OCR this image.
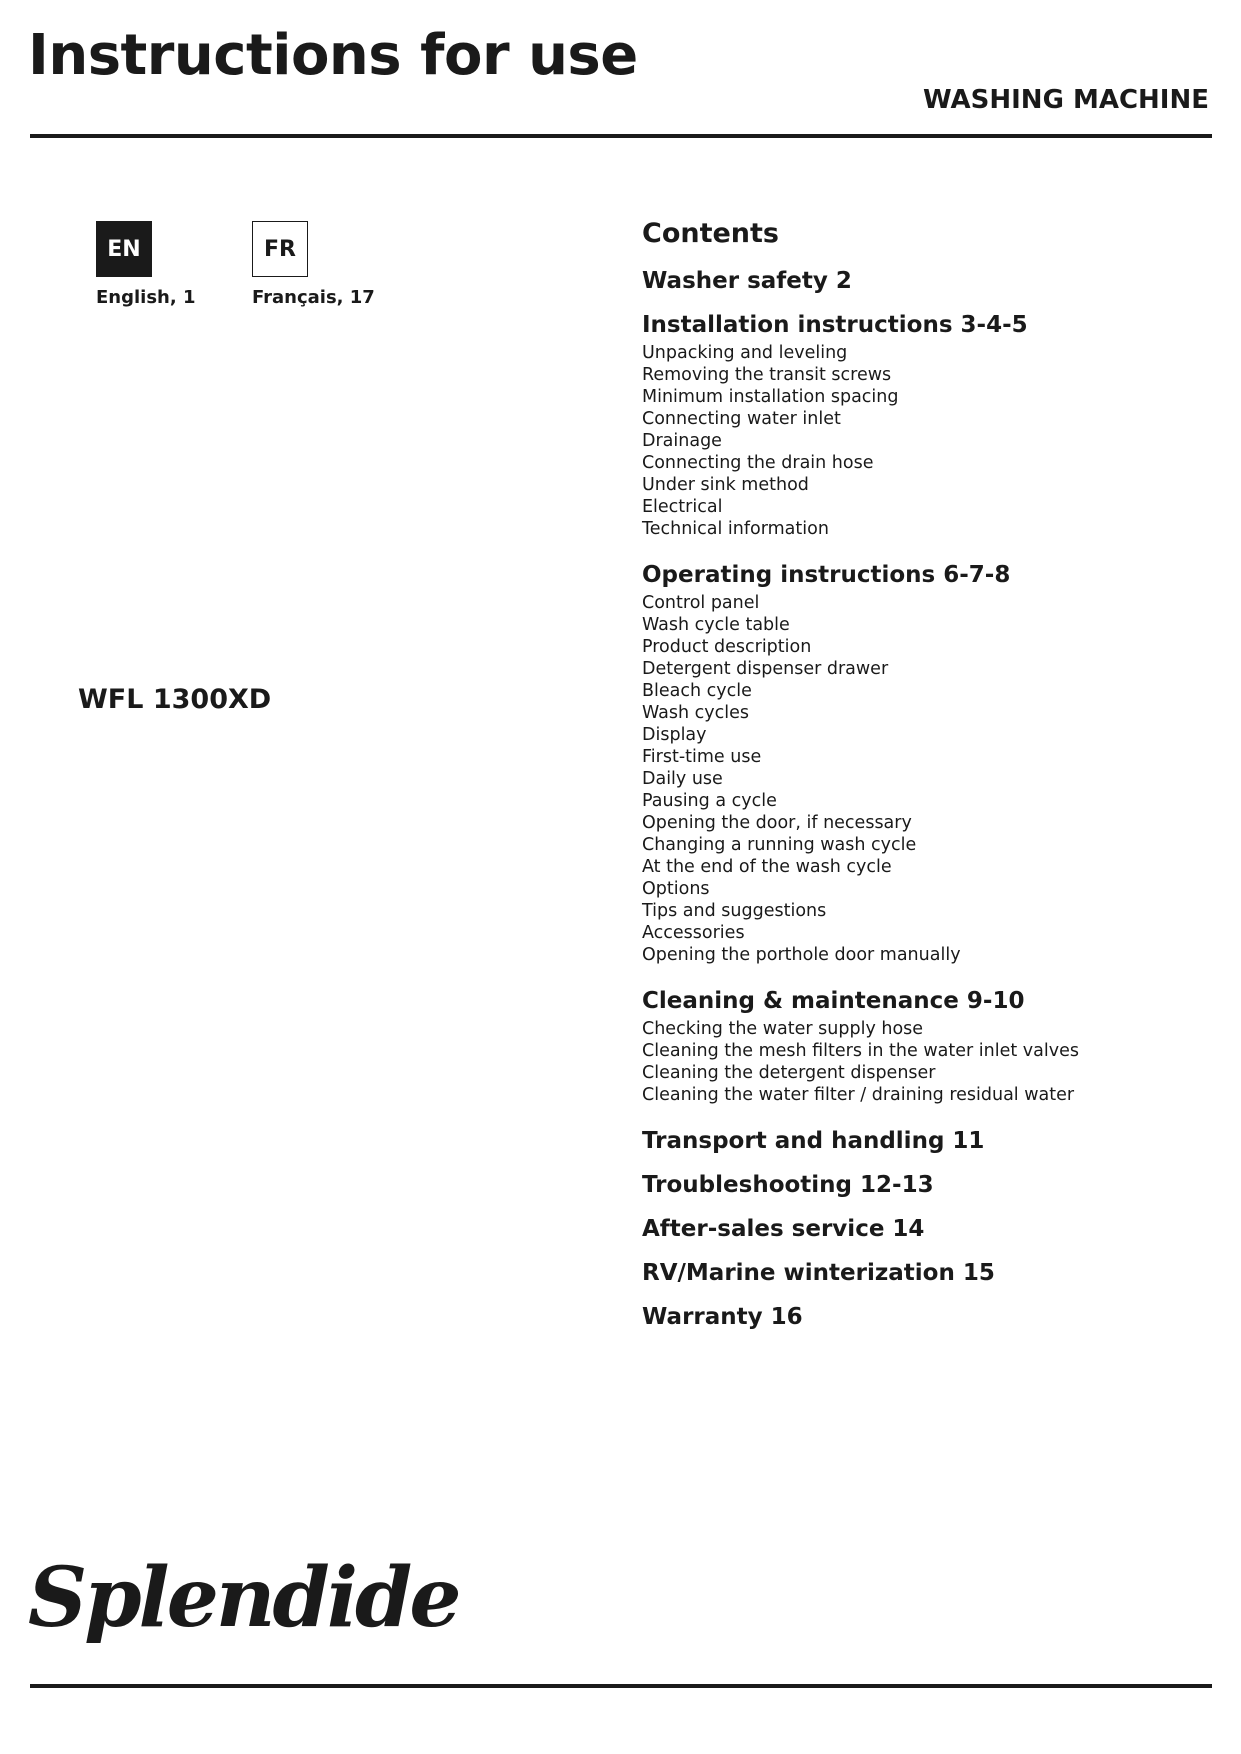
Instructions for use
WASHING MACHINE
EN
English, 1
FR
Français, 17
WFL 1300XD
Contents
Washer safety 2
Installation instructions 3-4-5
Unpacking and leveling
Removing the transit screws
Minimum installation spacing
Connecting water inlet
Drainage
Connecting the drain hose
Under sink method
Electrical
Technical information
Operating instructions 6-7-8
Control panel
Wash cycle table
Product description
Detergent dispenser drawer
Bleach cycle
Wash cycles
Display
First-time use
Daily use
Pausing a cycle
Opening the door, if necessary
Changing a running wash cycle
At the end of the wash cycle
Options
Tips and suggestions
Accessories
Opening the porthole door manually
Cleaning & maintenance 9-10
Checking the water supply hose
Cleaning the mesh filters in the water inlet valves
Cleaning the detergent dispenser
Cleaning the water filter / draining residual water
Transport and handling 11
Troubleshooting 12-13
After-sales service 14
RV/Marine winterization 15
Warranty 16
Splendide
